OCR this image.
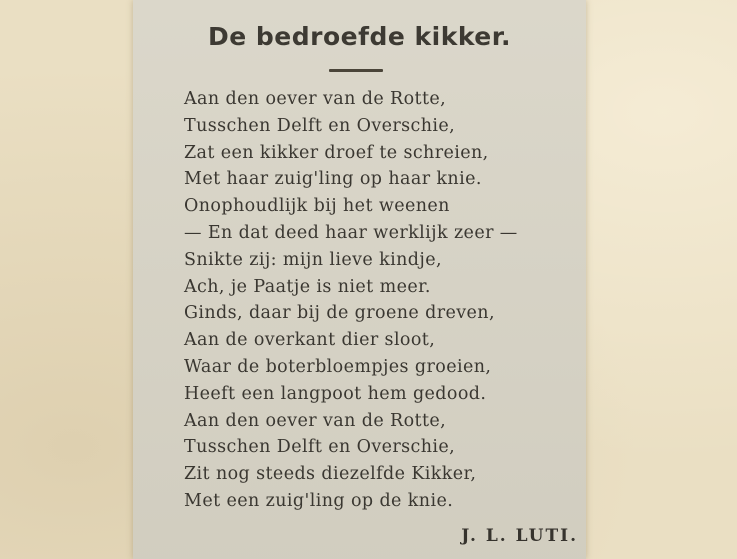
De bedroefde kikker.
Aan den oever van de Rotte,
Tusschen Delft en Overschie,
Zat een kikker droef te schreien,
Met haar zuig'ling op haar knie.
Onophoudlijk bij het weenen
— En dat deed haar werklijk zeer —
Snikte zij: mijn lieve kindje,
Ach, je Paatje is niet meer.
Ginds, daar bij de groene dreven,
Aan de overkant dier sloot,
Waar de boterbloempjes groeien,
Heeft een langpoot hem gedood.
Aan den oever van de Rotte,
Tusschen Delft en Overschie,
Zit nog steeds diezelfde Kikker,
Met een zuig'ling op de knie.
J. L. LUTI.
